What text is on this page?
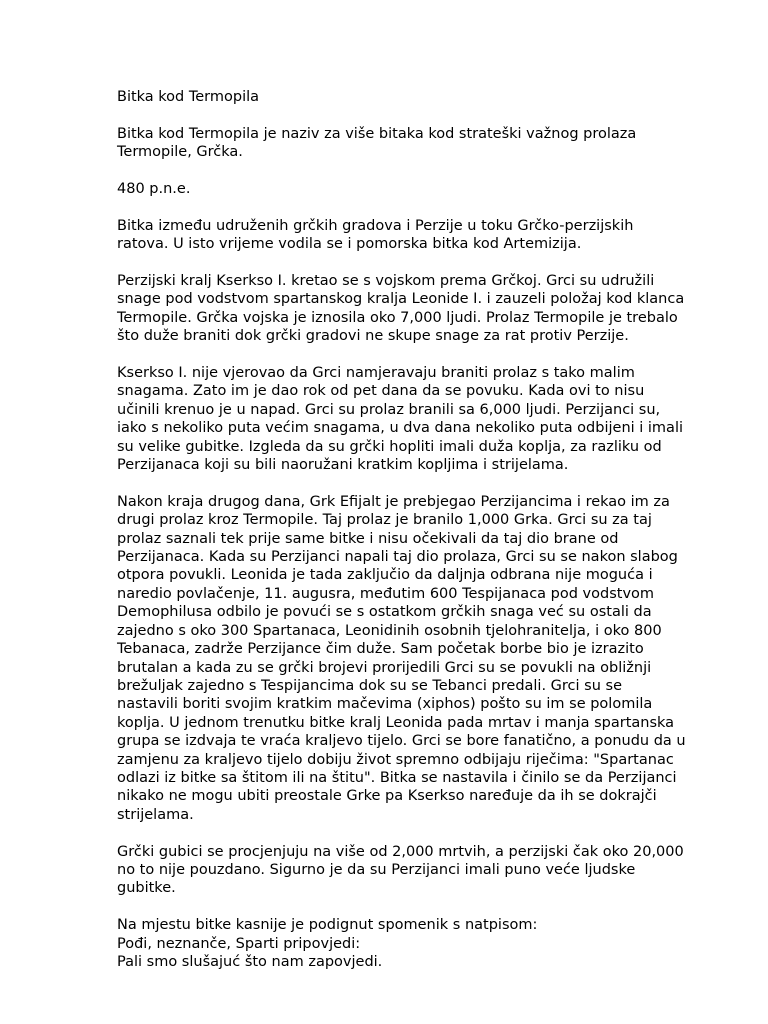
Bitka kod Termopila

Bitka kod Termopila je naziv za više bitaka kod strateški važnog prolaza
Termopile, Grčka.

480 p.n.e.

Bitka između udruženih grčkih gradova i Perzije u toku Grčko-perzijskih
ratova. U isto vrijeme vodila se i pomorska bitka kod Artemizija.

Perzijski kralj Kserkso I. kretao se s vojskom prema Grčkoj. Grci su udružili
snage pod vodstvom spartanskog kralja Leonide I. i zauzeli položaj kod klanca
Termopile. Grčka vojska je iznosila oko 7,000 ljudi. Prolaz Termopile je trebalo
što duže braniti dok grčki gradovi ne skupe snage za rat protiv Perzije.

Kserkso I. nije vjerovao da Grci namjeravaju braniti prolaz s tako malim
snagama. Zato im je dao rok od pet dana da se povuku. Kada ovi to nisu
učinili krenuo je u napad. Grci su prolaz branili sa 6,000 ljudi. Perzijanci su,
iako s nekoliko puta većim snagama, u dva dana nekoliko puta odbijeni i imali
su velike gubitke. Izgleda da su grčki hopliti imali duža koplja, za razliku od
Perzijanaca koji su bili naoružani kratkim kopljima i strijelama.

Nakon kraja drugog dana, Grk Efijalt je prebjegao Perzijancima i rekao im za
drugi prolaz kroz Termopile. Taj prolaz je branilo 1,000 Grka. Grci su za taj
prolaz saznali tek prije same bitke i nisu očekivali da taj dio brane od
Perzijanaca. Kada su Perzijanci napali taj dio prolaza, Grci su se nakon slabog
otpora povukli. Leonida je tada zaključio da daljnja odbrana nije moguća i
naredio povlačenje, 11. augusra, međutim 600 Tespijanaca pod vodstvom
Demophilusa odbilo je povući se s ostatkom grčkih snaga već su ostali da
zajedno s oko 300 Spartanaca, Leonidinih osobnih tjelohranitelja, i oko 800
Tebanaca, zadrže Perzijance čim duže. Sam početak borbe bio je izrazito
brutalan a kada zu se grčki brojevi prorijedili Grci su se povukli na obližnji
brežuljak zajedno s Tespijancima dok su se Tebanci predali. Grci su se
nastavili boriti svojim kratkim mačevima (xiphos) pošto su im se polomila
koplja. U jednom trenutku bitke kralj Leonida pada mrtav i manja spartanska
grupa se izdvaja te vraća kraljevo tijelo. Grci se bore fanatično, a ponudu da u
zamjenu za kraljevo tijelo dobiju život spremno odbijaju riječima: "Spartanac
odlazi iz bitke sa štitom ili na štitu". Bitka se nastavila i činilo se da Perzijanci
nikako ne mogu ubiti preostale Grke pa Kserkso naređuje da ih se dokrajči
strijelama.

Grčki gubici se procjenjuju na više od 2,000 mrtvih, a perzijski čak oko 20,000
no to nije pouzdano. Sigurno je da su Perzijanci imali puno veće ljudske
gubitke.

Na mjestu bitke kasnije je podignut spomenik s natpisom:
Pođi, neznanče, Sparti pripovjedi:
Pali smo slušajuć što nam zapovjedi.
